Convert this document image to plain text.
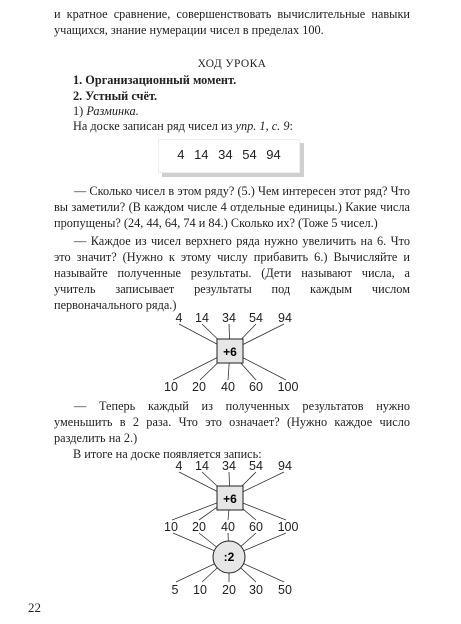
и кратное сравнение, совершенствовать вычислительные навыки учащихся, знание нумерации чисел в пределах 100.

ХОД УРОКА
1. Организационный момент.
2. Устный счёт.
1) Разминка.
На доске записан ряд чисел из упр. 1, с. 9:
4 14 34 54 94

— Сколько чисел в этом ряду? (5.) Чем интересен этот ряд? Что вы заметили? (В каждом числе 4 отдельные единицы.) Какие числа пропущены? (24, 44, 64, 74 и 84.) Сколько их? (Тоже 5 чисел.)

— Каждое из чисел верхнего ряда нужно увеличить на 6. Что это значит? (Нужно к этому числу прибавить 6.) Вычисляйте и называйте полученные результаты. (Дети называют числа, а учитель записывает результаты под каждым числом первоначального ряда.)

+6
4 14 34 54 94
10 20 40 60 100

— Теперь каждый из полученных результатов нужно уменьшить в 2 раза. Что это означает? (Нужно каждое число разделить на 2.)

В итоге на доске появляется запись:
+6
:2
4 14 34 54 94
10 20 40 60 100
5 10 20 30 50
22
